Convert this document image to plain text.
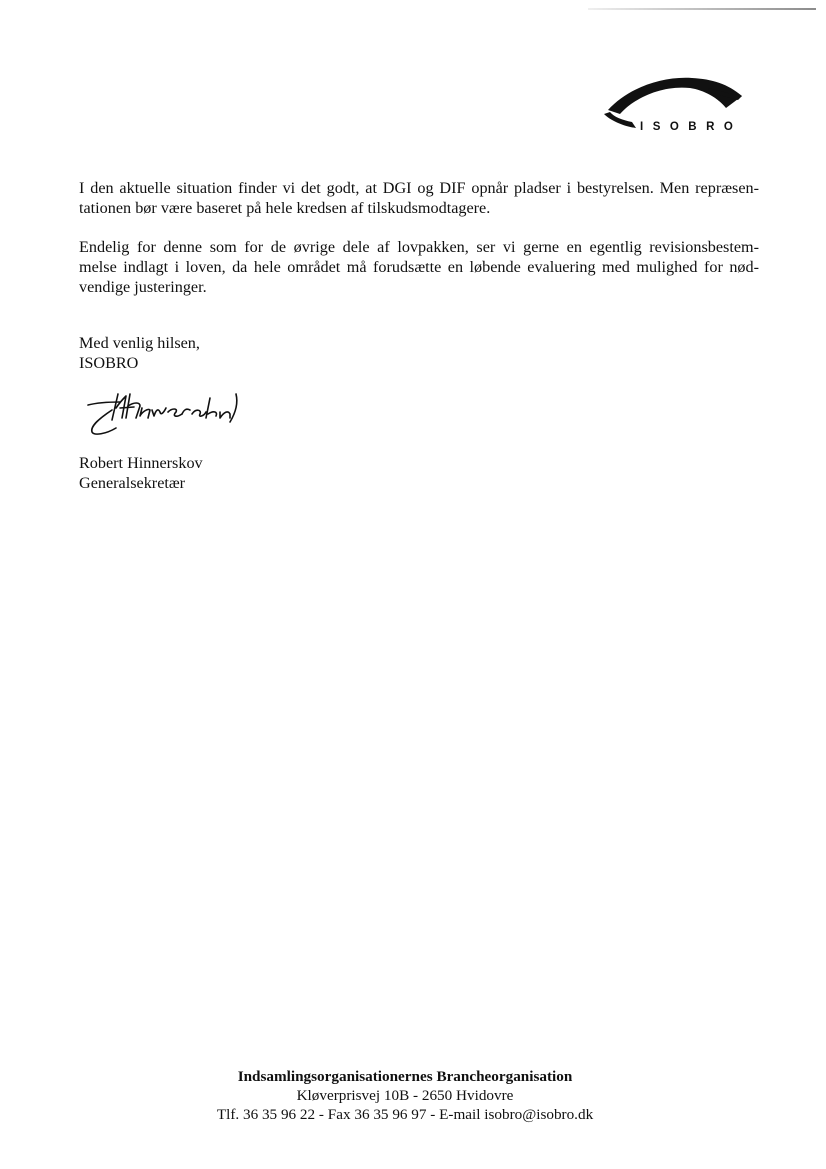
ISOBRO

I den aktuelle situation finder vi det godt, at DGI og DIF opnår pladser i bestyrelsen. Men repræsen-
tationen bør være baseret på hele kredsen af tilskudsmodtagere.

Endelig for denne som for de øvrige dele af lovpakken, ser vi gerne en egentlig revisionsbestem-
melse indlagt i loven, da hele området må forudsætte en løbende evaluering med mulighed for nød-
vendige justeringer.

Med venlig hilsen,
ISOBRO
Robert Hinnerskov
Generalsekretær
Indsamlingsorganisationernes Brancheorganisation
Kløverprisvej 10B - 2650 Hvidovre
Tlf. 36 35 96 22 - Fax 36 35 96 97 - E-mail isobro@isobro.dk
